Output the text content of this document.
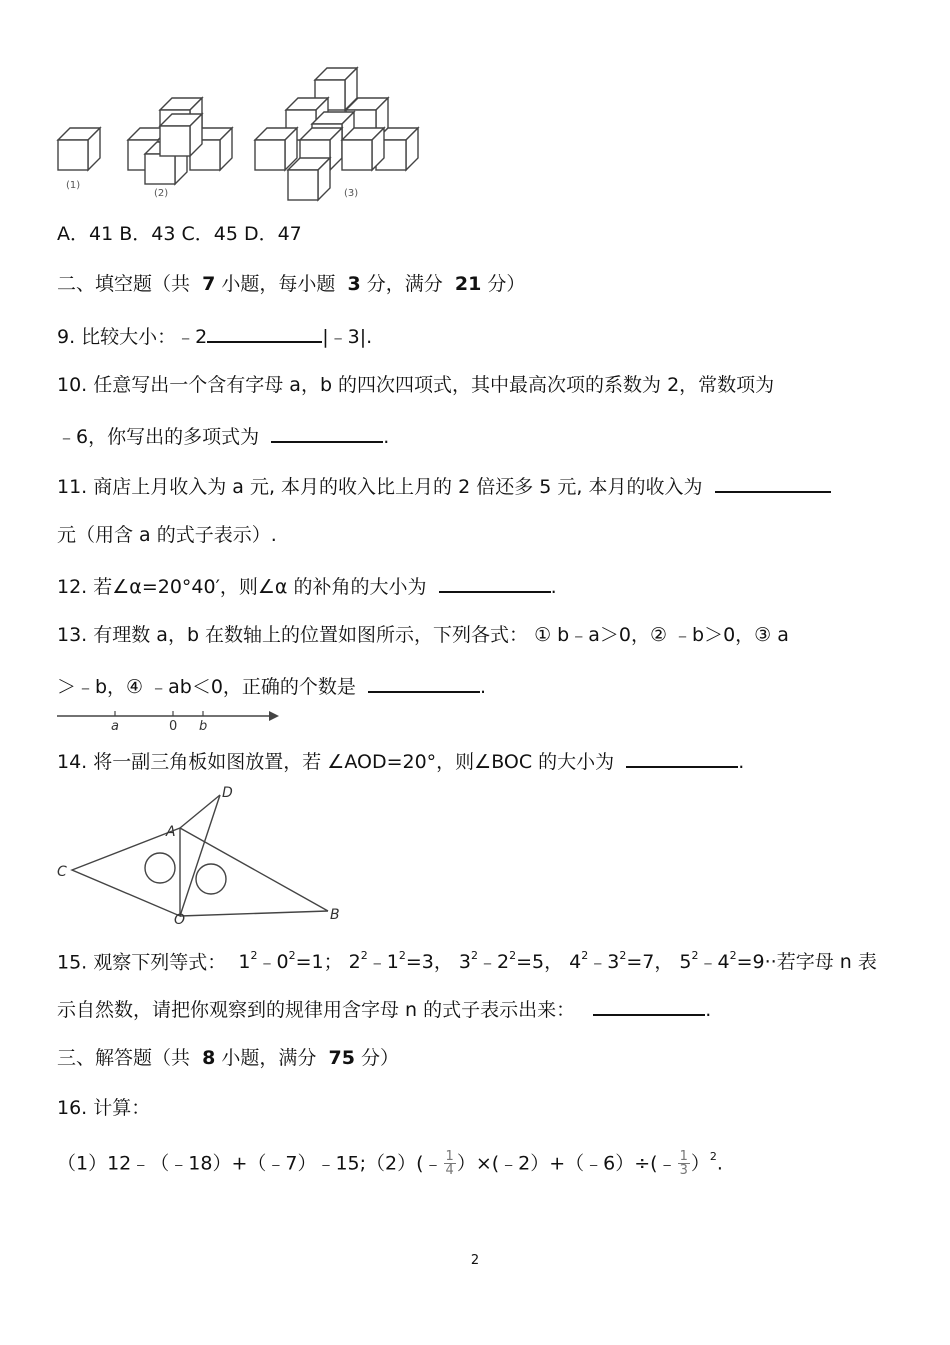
(1)
(2)	(3)
A．41 B．43 C．45 D．47
二、填空题（共 7 小题，每小题 3 分，满分 21 分）
9. 比较大小：﹣2	|﹣3|.
10. 任意写出一个含有字母 a，b 的四次四项式，其中最高次项的系数为 2，常数项为
﹣6，你写出的多项式为	.
11. 商店上月收入为 a 元, 本月的收入比上月的 2 倍还多 5 元, 本月的收入为
元（用含 a 的式子表示）.
12. 若∠α=20°40′，则∠α 的补角的大小为	.
13. 有理数 a，b 在数轴上的位置如图所示，下列各式： ① b﹣a＞0，② ﹣b＞0，③ a
＞﹣b，④ ﹣ab＜0，正确的个数是	.
a	0 b
14. 将一副三角板如图放置，若 ∠AOD=20°，则∠BOC 的大小为	.
A
B
C
D
O
15. 观察下列等式： $1^2﹣0^2=1$； $2^2﹣1^2=3$， $3^2﹣2^2=5$， $4^2﹣3^2=7$， $5^2﹣4^2=9\cdot\cdot$若字母 n 表
示自然数，请把你观察到的规律用含字母 n 的式子表示出来：	.
三、解答题（共 8 小题，满分 75 分）
16. 计算：
（1）12﹣（﹣18）+（﹣7）﹣15;（2）(﹣ $\frac{1}{4}$ ）×(﹣2）+（﹣6）÷(﹣ $\frac{1}{3} )^2$.
2
